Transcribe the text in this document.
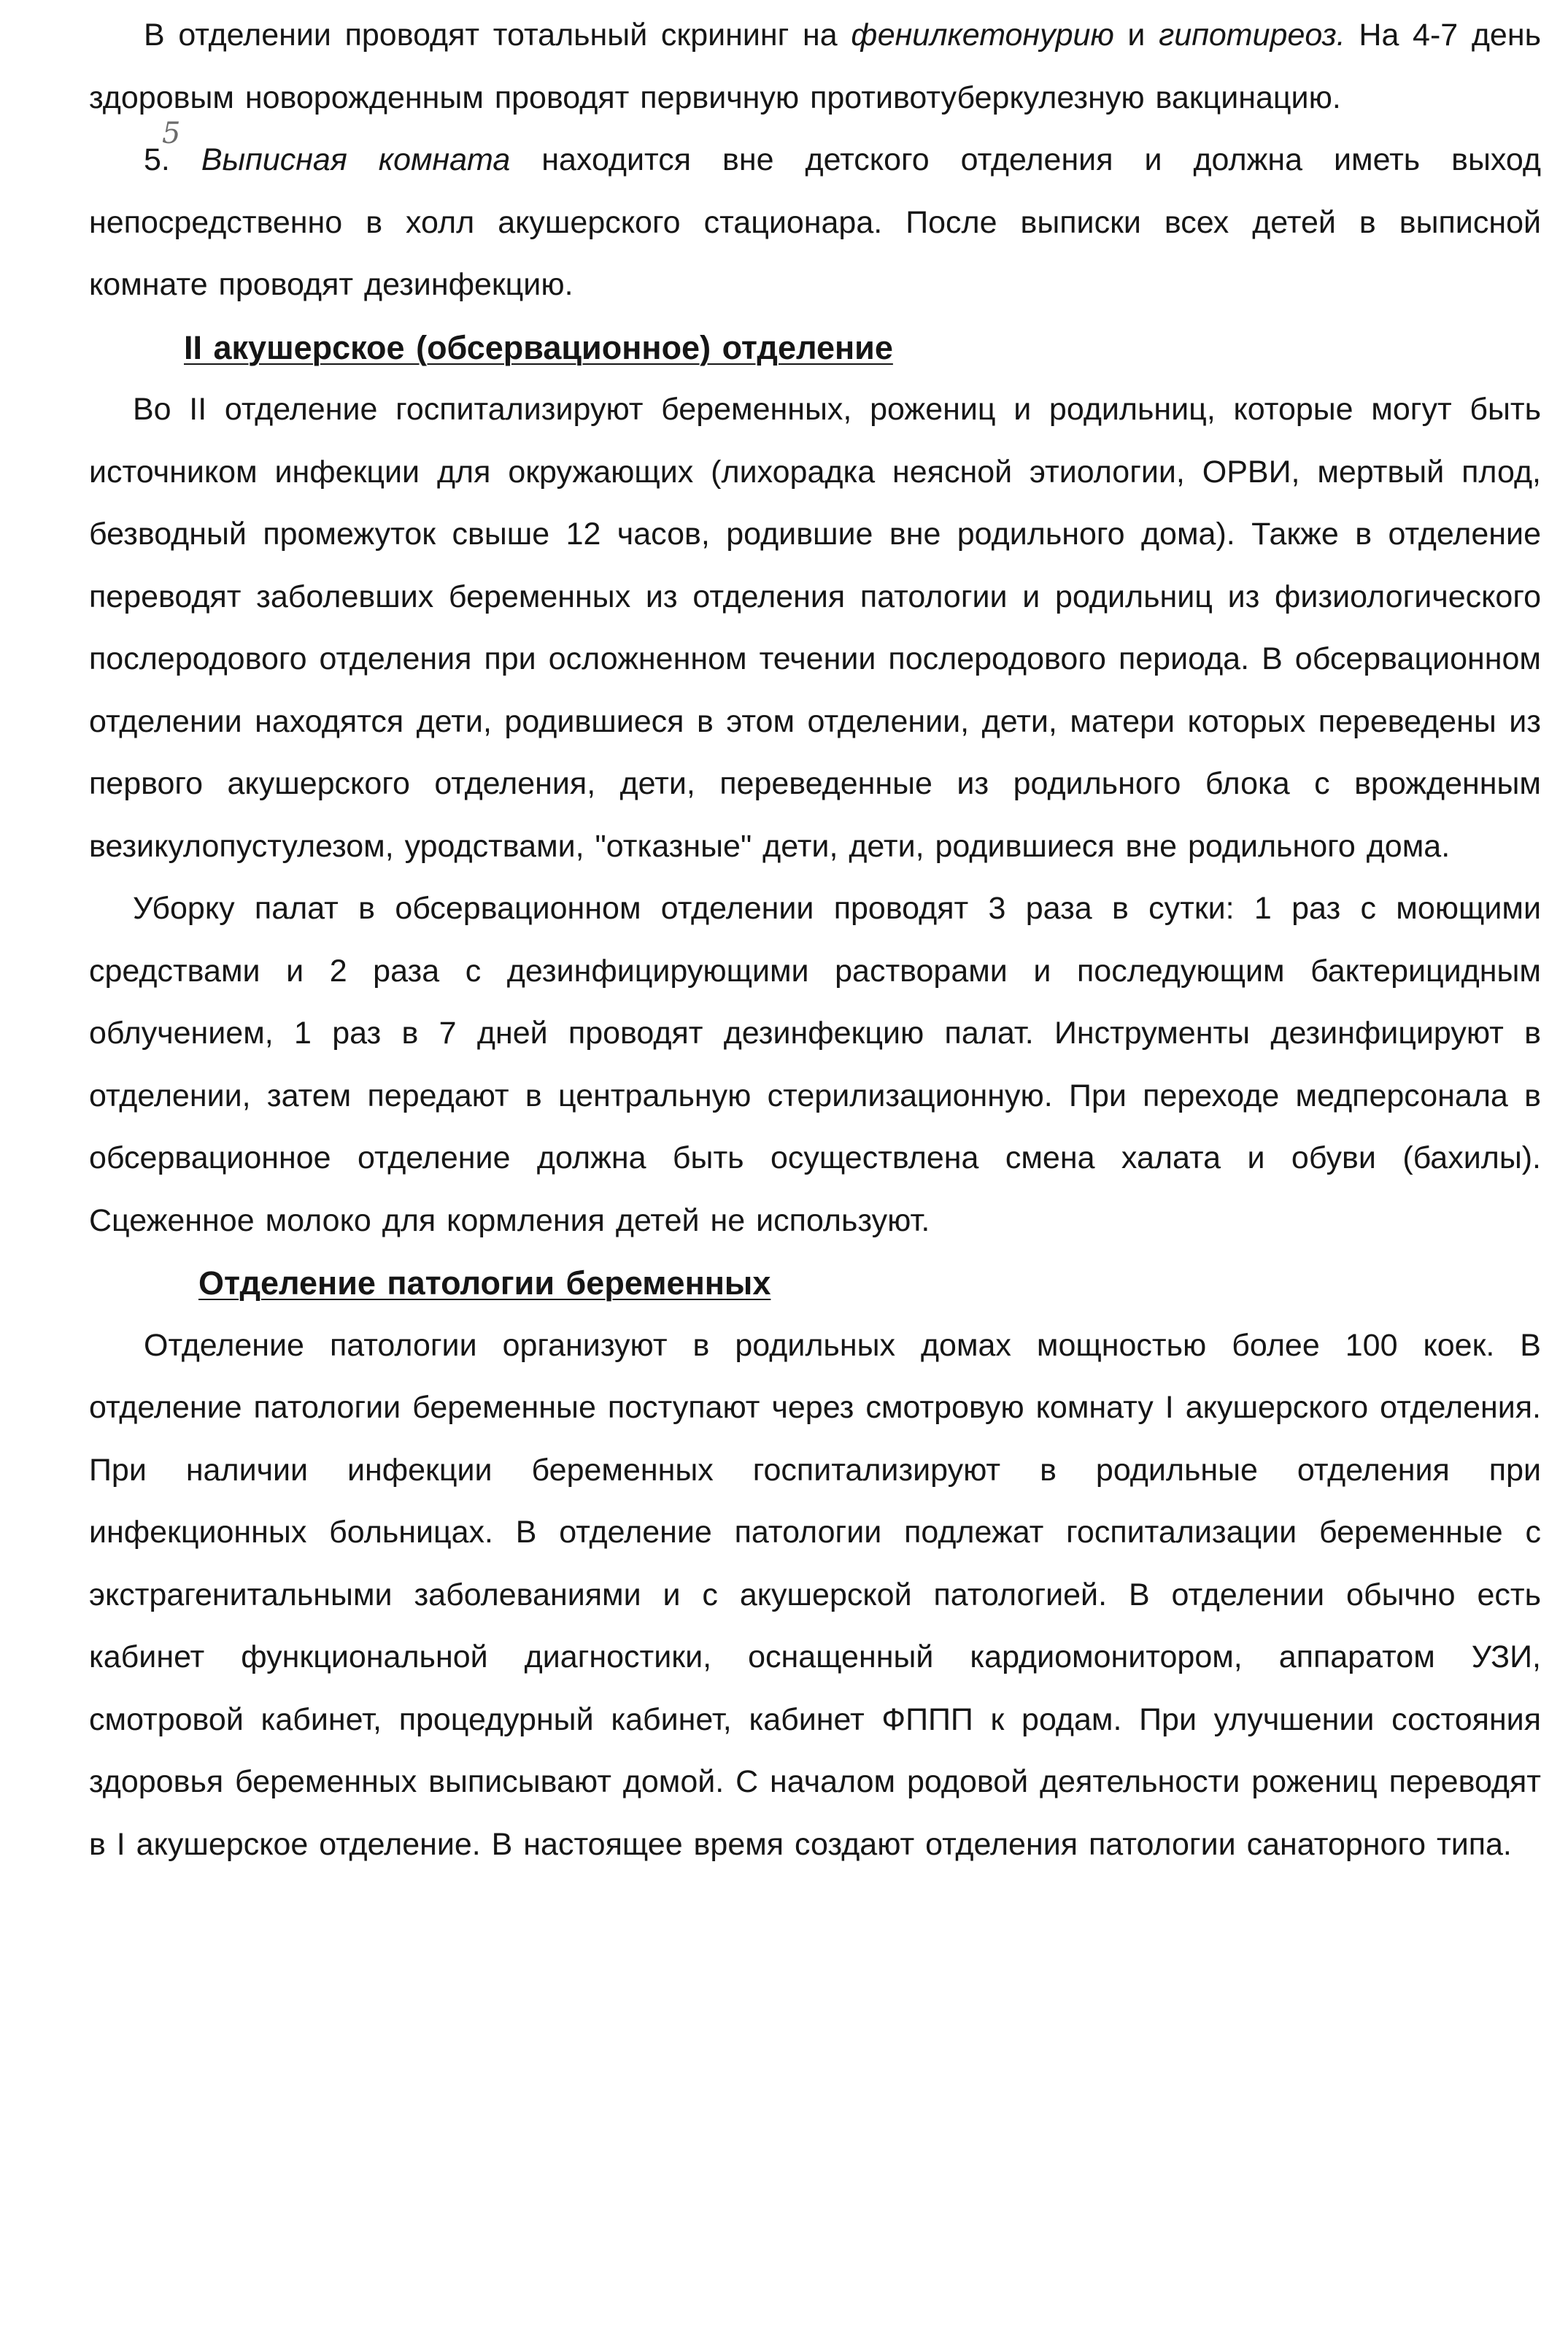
5

В отделении проводят тотальный скрининг на фенилкетонурию и гипотиреоз. На 4-7 день здоровым новорожденным проводят первичную противотуберкулезную вакцинацию.

5. Выписная комната находится вне детского отделения и должна иметь выход непосредственно в холл акушерского стационара. После выписки всех детей в выписной комнате проводят дезинфекцию.

II акушерское (обсервационное) отделение

Во II отделение госпитализируют беременных, рожениц и родильниц, которые могут быть источником инфекции для окружающих (лихорадка неясной этиологии, ОРВИ, мертвый плод, безводный промежуток свыше 12 часов, родившие вне родильного дома). Также в отделение переводят заболевших беременных из отделения патологии и родильниц из физиологического послеродового отделения при осложненном течении послеродового периода. В обсервационном отделении находятся дети, родившиеся в этом отделении, дети, матери которых переведены из первого акушерского отделения, дети, переведенные из родильного блока с врожденным везикулопустулезом, уродствами, "отказные" дети, дети, родившиеся вне родильного дома.

Уборку палат в обсервационном отделении проводят 3 раза в сутки: 1 раз с моющими средствами и 2 раза с дезинфицирующими растворами и последующим бактерицидным облучением, 1 раз в 7 дней проводят дезинфекцию палат. Инструменты дезинфицируют в отделении, затем передают в центральную стерилизационную. При переходе медперсонала в обсервационное отделение должна быть осуществлена смена халата и обуви (бахилы). Сцеженное молоко для кормления детей не используют.

Отделение патологии беременных

Отделение патологии организуют в родильных домах мощностью более 100 коек. В отделение патологии беременные поступают через смотровую комнату I акушерского отделения. При наличии инфекции беременных госпитализируют в родильные отделения при инфекционных больницах. В отделение патологии подлежат госпитализации беременные с экстрагенитальными заболеваниями и с акушерской патологией. В отделении обычно есть кабинет функциональной диагностики, оснащенный кардиомонитором, аппаратом УЗИ, смотровой кабинет, процедурный кабинет, кабинет ФППП к родам. При улучшении состояния здоровья беременных выписывают домой. С началом родовой деятельности рожениц переводят в I акушерское отделение. В настоящее время создают отделения патологии санаторного типа.
